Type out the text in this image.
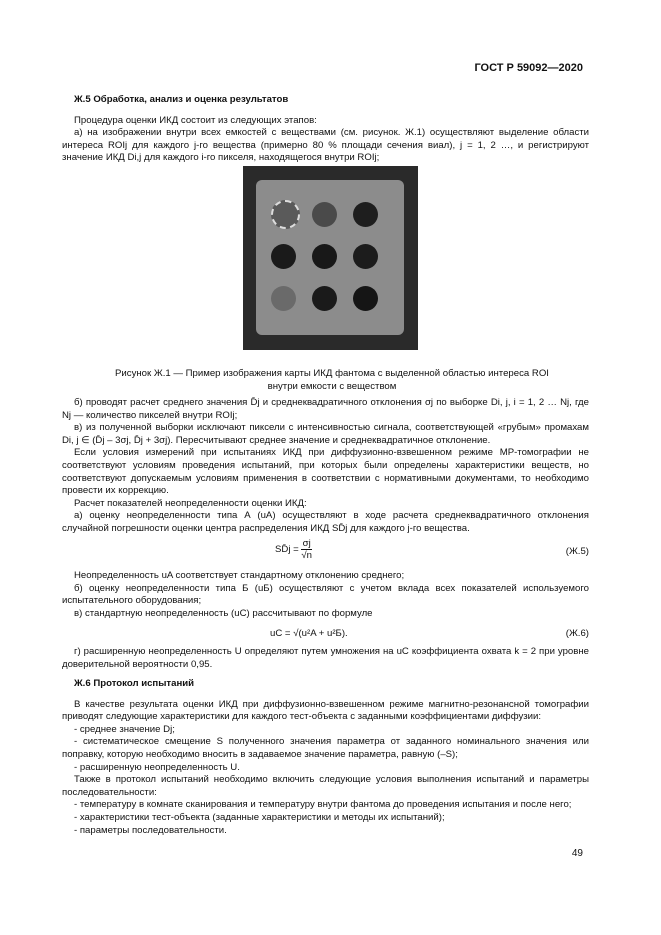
ГОСТ Р 59092—2020

Ж.5 Обработка, анализ и оценка результатов

Процедура оценки ИКД состоит из следующих этапов:

а) на изображении внутри всех емкостей с веществами (см. рисунок. Ж.1) осуществляют выделение области интереса ROIj для каждого j-го вещества (примерно 80 % площади сечения виал), j = 1, 2 …, и регистрируют значение ИКД Di,j для каждого i-го пикселя, находящегося внутри ROIj;

Рисунок Ж.1 — Пример изображения карты ИКД фантома с выделенной областью интереса ROI
внутри емкости с веществом

б) проводят расчет среднего значения D̄j и среднеквадратичного отклонения σj по выборке Di, j, i = 1, 2 … Nj, где Nj — количество пикселей внутри ROIj;

в) из полученной выборки исключают пиксели с интенсивностью сигнала, соответствующей «грубым» промахам Di, j ∈ (D̄j – 3σj, D̄j + 3σj). Пересчитывают среднее значение и среднеквадратичное отклонение.

Если условия измерений при испытаниях ИКД при диффузионно-взвешенном режиме МР-томографии не соответствуют условиям проведения испытаний, при которых были определены характеристики веществ, но соответствуют допускаемым условиям применения в соответствии с нормативными документами, то необходимо провести их коррекцию.

Расчет показателей неопределенности оценки ИКД:

а) оценку неопределенности типа А (uA) осуществляют в ходе расчета среднеквадратичного отклонения случайной погрешности оценки центра распределения ИКД SD̄j для каждого j-го вещества.

SD̄j = $\frac{\sigma j}{√n}$	(Ж.5)

Неопределенность uA соответствует стандартному отклонению среднего;

б) оценку неопределенности типа Б (uБ) осуществляют с учетом вклада всех показателей используемого испытательного оборудования;

в) стандартную неопределенность (uC) рассчитывают по формуле

uC = √(u²A + u²Б).	(Ж.6)

г) расширенную неопределенность U определяют путем умножения на uC коэффициента охвата k = 2 при уровне доверительной вероятности 0,95.

Ж.6 Протокол испытаний

В качестве результата оценки ИКД при диффузионно-взвешенном режиме магнитно-резонансной томографии приводят следующие характеристики для каждого тест-объекта с заданными коэффициентами диффузии:

- среднее значение Dj;

- систематическое смещение S полученного значения параметра от заданного номинального значения или поправку, которую необходимо вносить в задаваемое значение параметра, равную (–S);

- расширенную неопределенность U.

Также в протокол испытаний необходимо включить следующие условия выполнения испытаний и параметры последовательности:

- температуру в комнате сканирования и температуру внутри фантома до проведения испытания и после него;

- характеристики тест-объекта (заданные характеристики и методы их испытаний);

- параметры последовательности.

49
